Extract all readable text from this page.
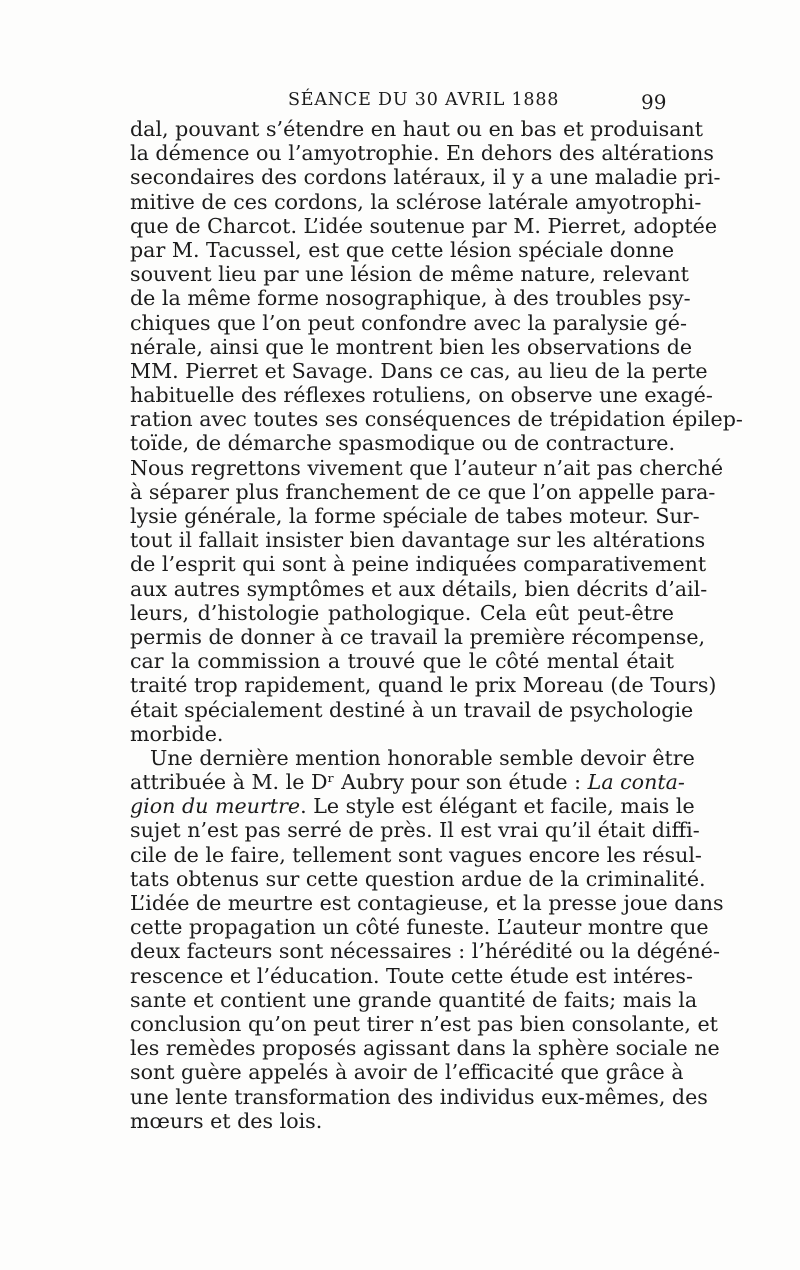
SÉANCE DU 30 AVRIL 1888	99
dal, pouvant s’étendre en haut ou en bas et produisant
la démence ou l’amyotrophie. En dehors des altérations
secondaires des cordons latéraux, il y a une maladie pri-
mitive de ces cordons, la sclérose latérale amyotrophi-
que de Charcot. L’idée soutenue par M. Pierret, adoptée
par M. Tacussel, est que cette lésion spéciale donne
souvent lieu par une lésion de même nature, relevant
de la même forme nosographique, à des troubles psy-
chiques que l’on peut confondre avec la paralysie gé-
nérale, ainsi que le montrent bien les observations de
MM. Pierret et Savage. Dans ce cas, au lieu de la perte
habituelle des réflexes rotuliens, on observe une exagé-
ration avec toutes ses conséquences de trépidation épilep-
toïde, de démarche spasmodique ou de contracture.
Nous regrettons vivement que l’auteur n’ait pas cherché
à séparer plus franchement de ce que l’on appelle para-
lysie générale, la forme spéciale de tabes moteur. Sur-
tout il fallait insister bien davantage sur les altérations
de l’esprit qui sont à peine indiquées comparativement
aux autres symptômes et aux détails, bien décrits d’ail-
leurs, d’histologie pathologique. Cela eût peut-être
permis de donner à ce travail la première récompense,
car la commission a trouvé que le côté mental était
traité trop rapidement, quand le prix Moreau (de Tours)
était spécialement destiné à un travail de psychologie
morbide.
Une dernière mention honorable semble devoir être
attribuée à M. le Dʳ Aubry pour son étude : La conta-
gion du meurtre. Le style est élégant et facile, mais le
sujet n’est pas serré de près. Il est vrai qu’il était diffi-
cile de le faire, tellement sont vagues encore les résul-
tats obtenus sur cette question ardue de la criminalité.
L’idée de meurtre est contagieuse, et la presse joue dans
cette propagation un côté funeste. L’auteur montre que
deux facteurs sont nécessaires : l’hérédité ou la dégéné-
rescence et l’éducation. Toute cette étude est intéres-
sante et contient une grande quantité de faits; mais la
conclusion qu’on peut tirer n’est pas bien consolante, et
les remèdes proposés agissant dans la sphère sociale ne
sont guère appelés à avoir de l’efficacité que grâce à
une lente transformation des individus eux-mêmes, des
mœurs et des lois.
